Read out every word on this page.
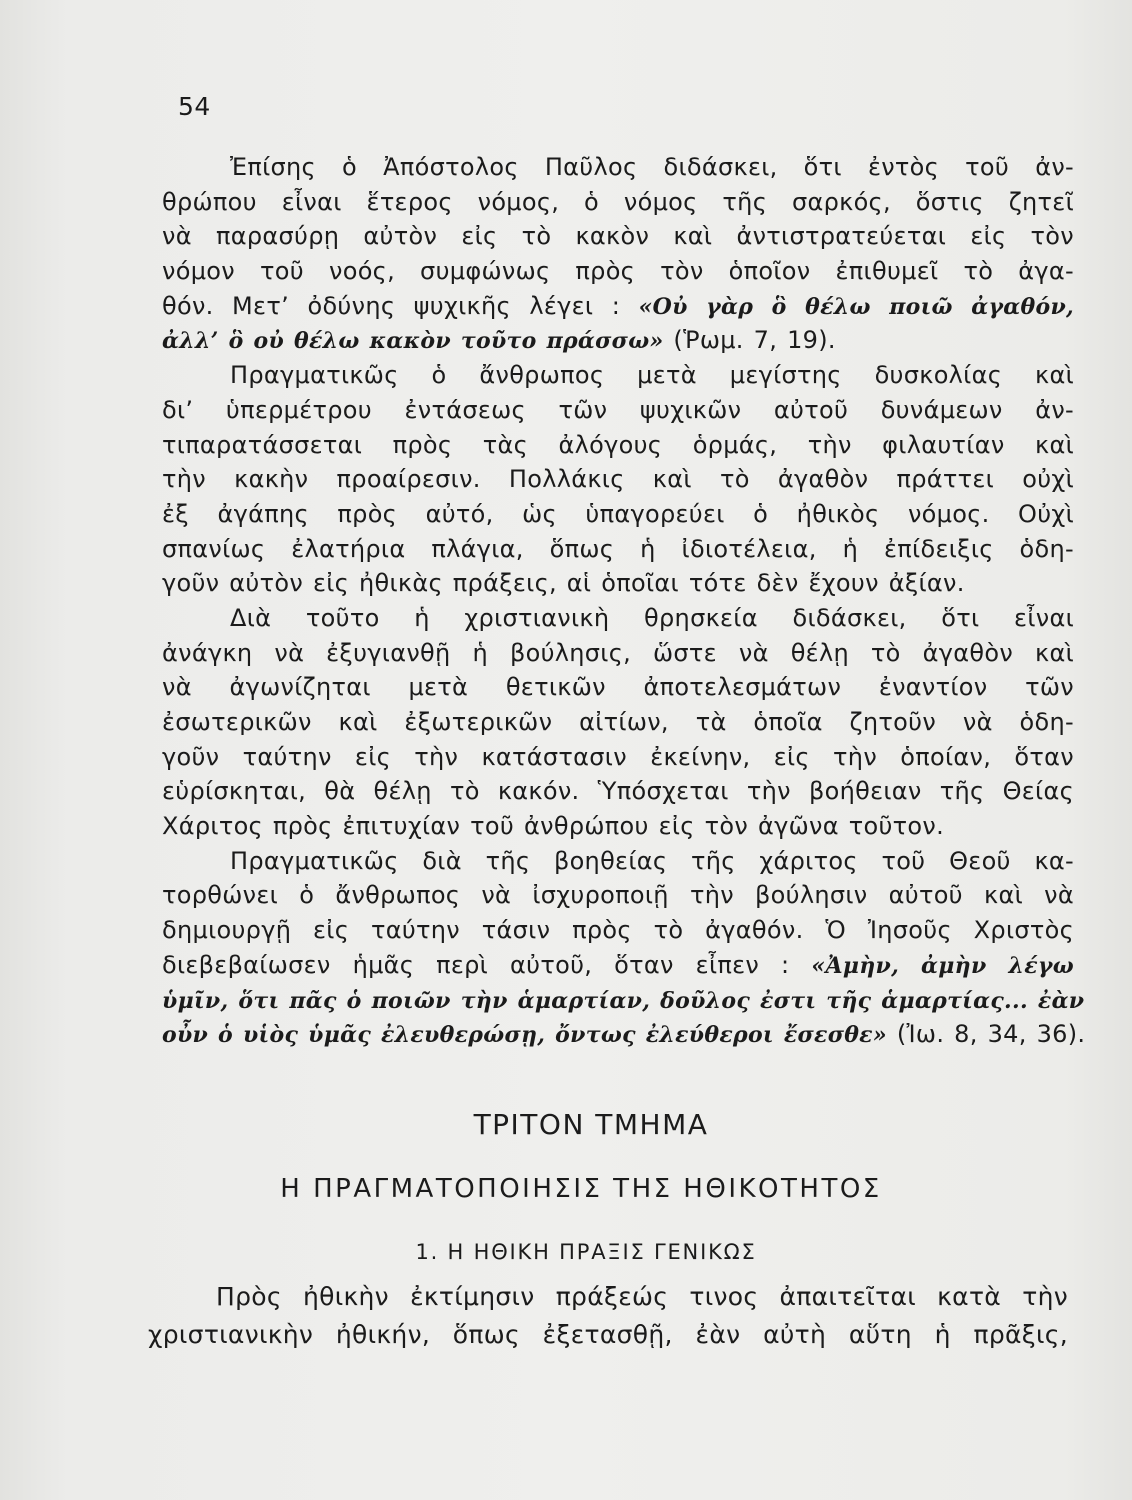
54
Ἐπίσης ὁ Ἀπόστολος Παῦλος διδάσκει, ὅτι ἐντὸς τοῦ ἀν-
θρώπου εἶναι ἕτερος νόμος, ὁ νόμος τῆς σαρκός, ὅστις ζητεῖ
νὰ παρασύρῃ αὐτὸν εἰς τὸ κακὸν καὶ ἀντιστρατεύεται εἰς τὸν
νόμον τοῦ νοός, συμφώνως πρὸς τὸν ὁποῖον ἐπιθυμεῖ τὸ ἀγα-
θόν. Μετ’ ὀδύνης ψυχικῆς λέγει : «Οὐ γὰρ ὃ θέλω ποιῶ ἀγαθόν,
ἀλλ’ ὃ οὐ θέλω κακὸν τοῦτο πράσσω» (Ῥωμ. 7, 19).
Πραγματικῶς ὁ ἄνθρωπος μετὰ μεγίστης δυσκολίας καὶ
δι’ ὑπερμέτρου ἐντάσεως τῶν ψυχικῶν αὐτοῦ δυνάμεων ἀν-
τιπαρατάσσεται πρὸς τὰς ἀλόγους ὁρμάς, τὴν φιλαυτίαν καὶ
τὴν κακὴν προαίρεσιν. Πολλάκις καὶ τὸ ἀγαθὸν πράττει οὐχὶ
ἐξ ἀγάπης πρὸς αὐτό, ὡς ὑπαγορεύει ὁ ἠθικὸς νόμος. Οὐχὶ
σπανίως ἐλατήρια πλάγια, ὅπως ἡ ἰδιοτέλεια, ἡ ἐπίδειξις ὁδη-
γοῦν αὐτὸν εἰς ἠθικὰς πράξεις, αἱ ὁποῖαι τότε δὲν ἔχουν ἀξίαν.
Διὰ τοῦτο ἡ χριστιανικὴ θρησκεία διδάσκει, ὅτι εἶναι
ἀνάγκη νὰ ἐξυγιανθῇ ἡ βούλησις, ὥστε νὰ θέλῃ τὸ ἀγαθὸν καὶ
νὰ ἀγωνίζηται μετὰ θετικῶν ἀποτελεσμάτων ἐναντίον τῶν
ἐσωτερικῶν καὶ ἐξωτερικῶν αἰτίων, τὰ ὁποῖα ζητοῦν νὰ ὁδη-
γοῦν ταύτην εἰς τὴν κατάστασιν ἐκείνην, εἰς τὴν ὁποίαν, ὅταν
εὑρίσκηται, θὰ θέλῃ τὸ κακόν. Ὑπόσχεται τὴν βοήθειαν τῆς Θείας
Χάριτος πρὸς ἐπιτυχίαν τοῦ ἀνθρώπου εἰς τὸν ἀγῶνα τοῦτον.
Πραγματικῶς διὰ τῆς βοηθείας τῆς χάριτος τοῦ Θεοῦ κα-
τορθώνει ὁ ἄνθρωπος νὰ ἰσχυροποιῇ τὴν βούλησιν αὐτοῦ καὶ νὰ
δημιουργῇ εἰς ταύτην τάσιν πρὸς τὸ ἀγαθόν. Ὁ Ἰησοῦς Χριστὸς
διεβεβαίωσεν ἡμᾶς περὶ αὐτοῦ, ὅταν εἶπεν : «Ἀμὴν, ἀμὴν λέγω
ὑμῖν, ὅτι πᾶς ὁ ποιῶν τὴν ἁμαρτίαν, δοῦλος ἐστι τῆς ἁμαρτίας... ἐὰν
οὖν ὁ υἱὸς ὑμᾶς ἐλευθερώσῃ, ὄντως ἐλεύθεροι ἔσεσθε» (Ἰω. 8, 34, 36).
ΤΡΙΤΟΝ ΤΜΗΜΑ
Η ΠΡΑΓΜΑΤΟΠΟΙΗΣΙΣ ΤΗΣ ΗΘΙΚΟΤΗΤΟΣ
1. Η ΗΘΙΚΗ ΠΡΑΞΙΣ ΓΕΝΙΚΩΣ
Πρὸς ἠθικὴν ἐκτίμησιν πράξεώς τινος ἀπαιτεῖται κατὰ τὴν
χριστιανικὴν ἠθικήν, ὅπως ἐξετασθῇ, ἐὰν αὐτὴ αὕτη ἡ πρᾶξις,
